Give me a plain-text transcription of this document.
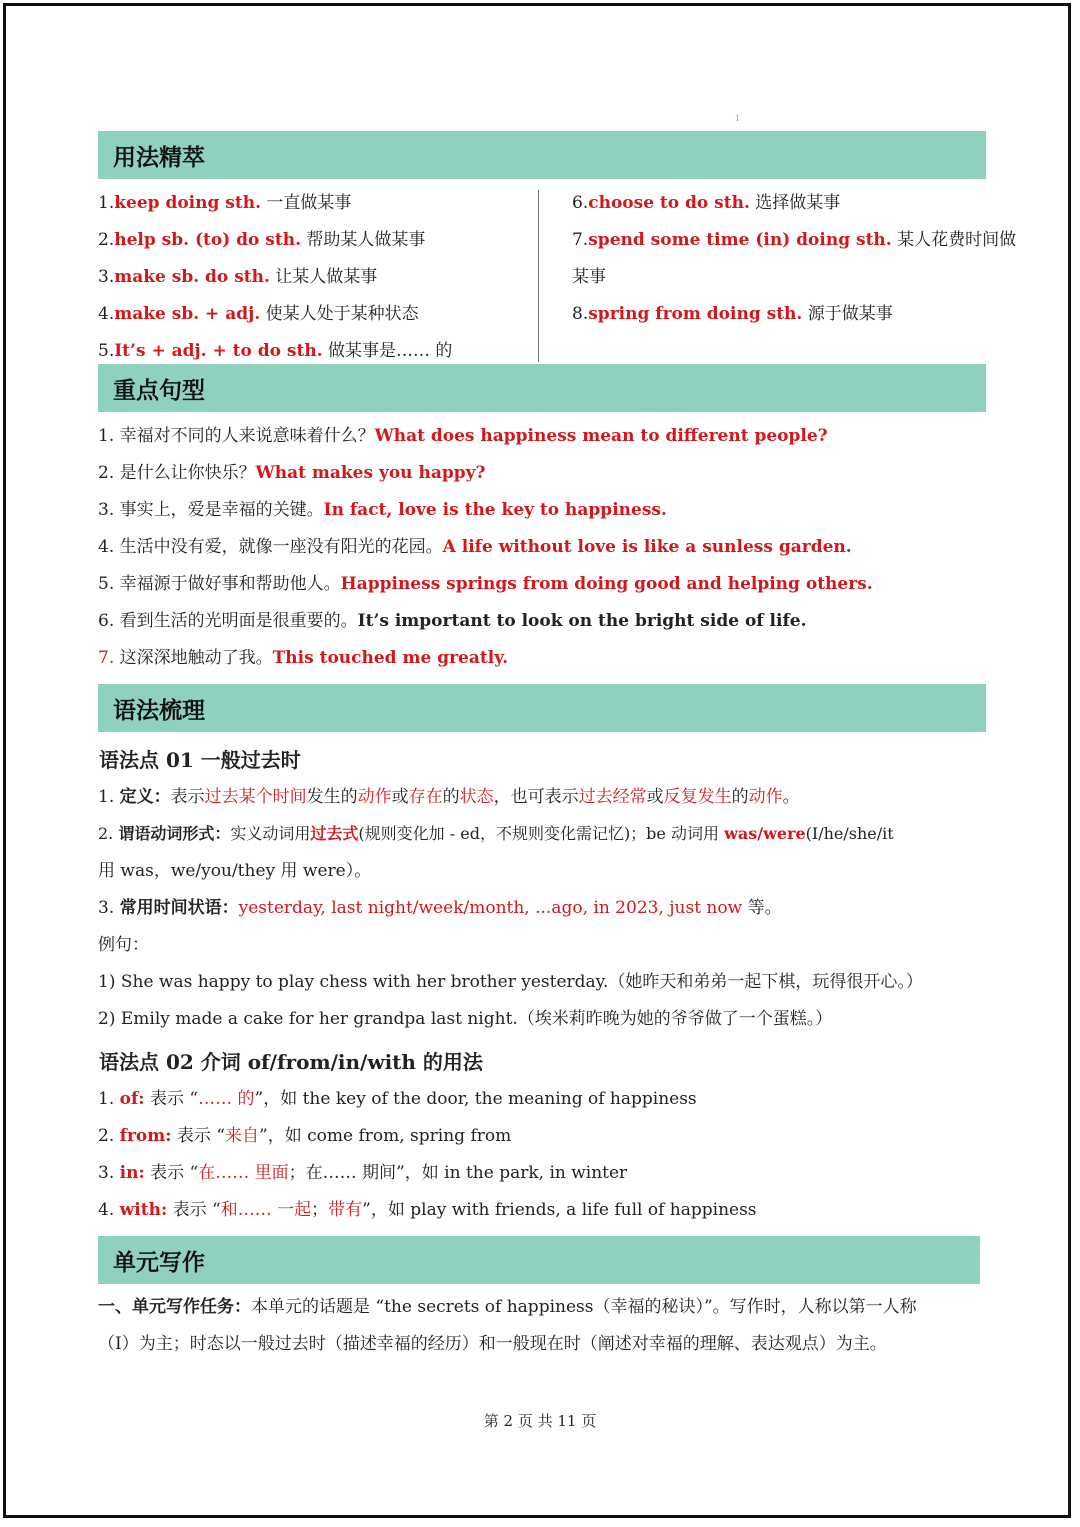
1
用法精萃
1.keep doing sth. 一直做某事
2.help sb. (to) do sth. 帮助某人做某事
3.make sb. do sth. 让某人做某事
4.make sb. + adj. 使某人处于某种状态
5.It’s + adj. + to do sth. 做某事是…… 的
6.choose to do sth. 选择做某事
7.spend some time (in) doing sth. 某人花费时间做
某事
8.spring from doing sth. 源于做某事
重点句型
1. 幸福对不同的人来说意味着什么？What does happiness mean to different people?
2. 是什么让你快乐？What makes you happy?
3. 事实上，爱是幸福的关键。In fact, love is the key to happiness.
4. 生活中没有爱，就像一座没有阳光的花园。A life without love is like a sunless garden.
5. 幸福源于做好事和帮助他人。Happiness springs from doing good and helping others.
6. 看到生活的光明面是很重要的。It’s important to look on the bright side of life.
7. 这深深地触动了我。This touched me greatly.
语法梳理
语法点 01 一般过去时
1. 定义：表示过去某个时间发生的动作或存在的状态，也可表示过去经常或反复发生的动作。
2. 谓语动词形式：实义动词用过去式(规则变化加 - ed，不规则变化需记忆)；be 动词用 was/were(I/he/she/it
用 was，we/you/they 用 were）。
3. 常用时间状语：yesterday, last night/week/month, ...ago, in 2023, just now 等。
例句：
1) She was happy to play chess with her brother yesterday.（她昨天和弟弟一起下棋，玩得很开心。）
2) Emily made a cake for her grandpa last night.（埃米莉昨晚为她的爷爷做了一个蛋糕。）
语法点 02 介词 of/from/in/with 的用法
1. of: 表示 “…… 的”，如 the key of the door, the meaning of happiness
2. from: 表示 “来自”，如 come from, spring from
3. in: 表示 “在…… 里面；在…… 期间”，如 in the park, in winter
4. with: 表示 “和…… 一起；带有”，如 play with friends, a life full of happiness
单元写作
一、单元写作任务：本单元的话题是 “the secrets of happiness（幸福的秘诀）”。写作时，人称以第一人称
（I）为主；时态以一般过去时（描述幸福的经历）和一般现在时（阐述对幸福的理解、表达观点）为主。
第 2 页 共 11 页
